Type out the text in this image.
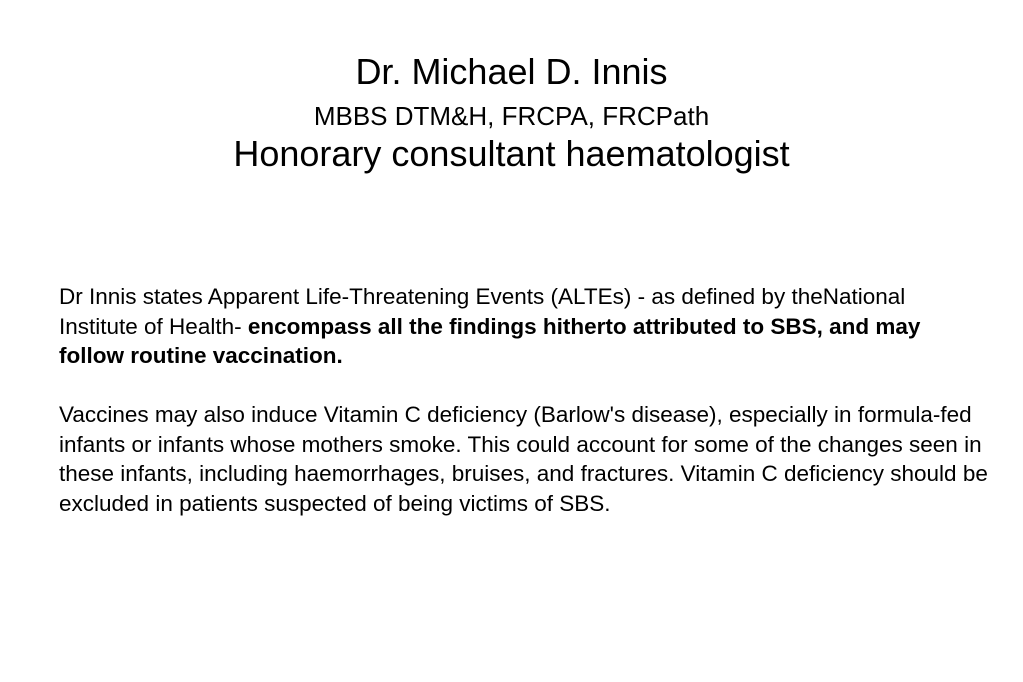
Dr. Michael D. Innis
MBBS DTM&H, FRCPA, FRCPath
Honorary consultant haematologist

Dr Innis states Apparent Life-Threatening Events (ALTEs) - as defined by theNational Institute of Health- encompass all the findings hitherto attributed to SBS, and may follow routine vaccination.

Vaccines may also induce Vitamin C deficiency (Barlow's disease), especially in formula-fed infants or infants whose mothers smoke. This could account for some of the changes seen in these infants, including haemorrhages, bruises, and fractures. Vitamin C deficiency should be excluded in patients suspected of being victims of SBS.
